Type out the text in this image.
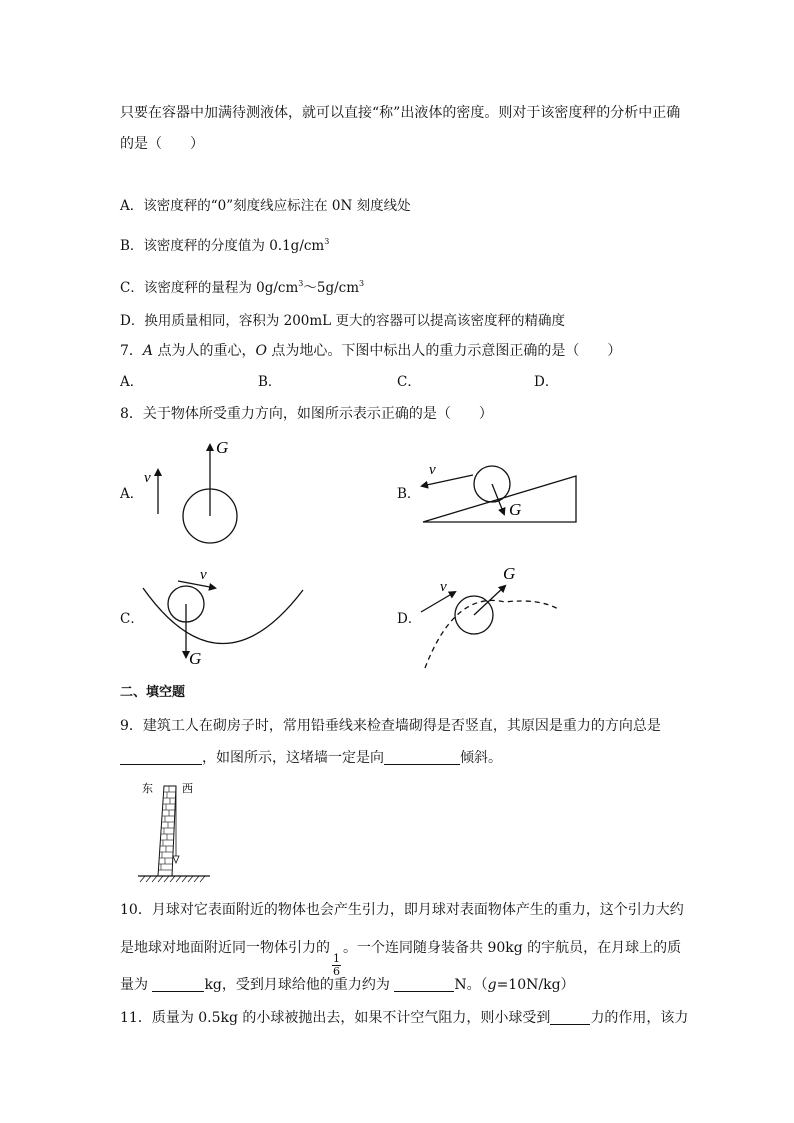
只要在容器中加满待测液体，就可以直接“称”出液体的密度。则对于该密度秤的分析中正确
的是（　　）
A．该密度秤的“0”刻度线应标注在 0N 刻度线处
B．该密度秤的分度值为 $0.1g/cm^3$
C．该密度秤的量程为 $0g/cm^3\sim 5g/cm^3$
D．换用质量相同，容积为 200mL 更大的容器可以提高该密度秤的精确度
7．A 点为人的重心，O 点为地心。下图中标出人的重力示意图正确的是（　　）
A．	B．	C．	D．
8．关于物体所受重力方向，如图所示表示正确的是（　　）
A．	B．
C．	D．
v
G
v
G
v
G
v
G
二、填空题
9．建筑工人在砌房子时，常用铅垂线来检查墙砌得是否竖直，其原因是重力的方向总是
，如图所示，这堵墙一定是向	倾斜。
东	西
10．月球对它表面附近的物体也会产生引力，即月球对表面物体产生的重力，这个引力大约
是地球对地面附近同一物体引力的
$\frac{1}{6}$
。一个连同随身装备共 90kg 的宇航员，在月球上的质
量为	kg，受到月球给他的重力约为	N。（g=10N/kg）
11．质量为 0.5kg 的小球被抛出去，如果不计空气阻力，则小球受到	力的作用，该力
